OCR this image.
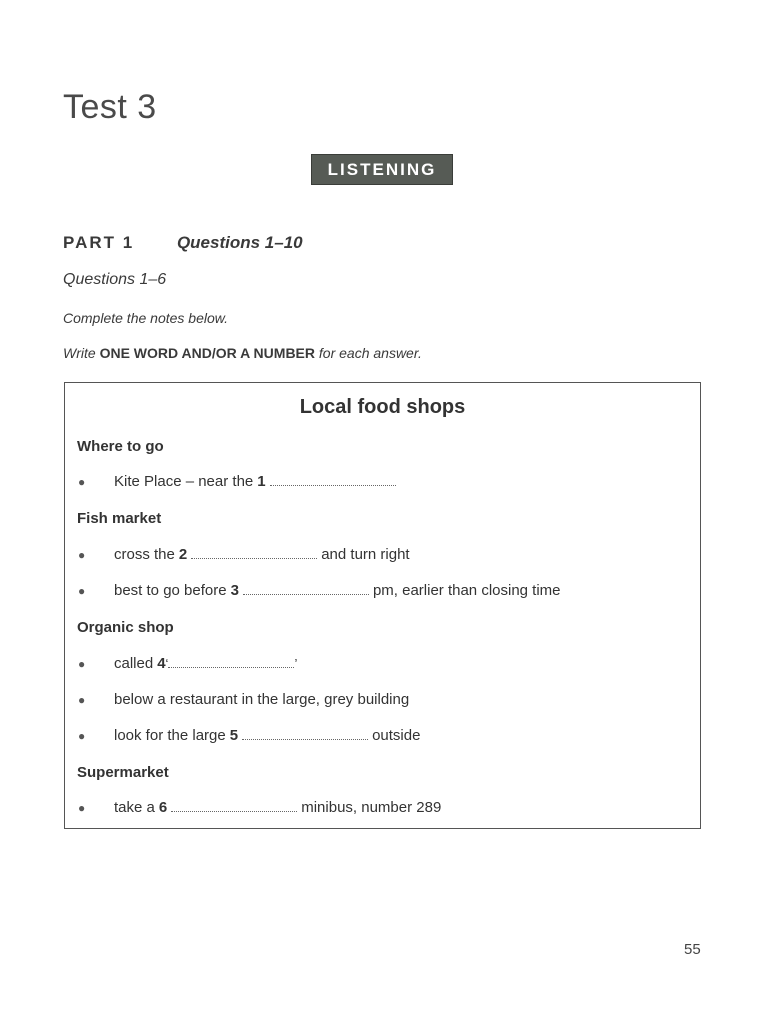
Test 3
LISTENING
PART 1	Questions 1–10
Questions 1–6
Complete the notes below.
Write ONE WORD AND/OR A NUMBER for each answer.
Local food shops
Where to go
●	Kite Place – near the 1
Fish market
●	cross the 2	and turn right
●	best to go before 3	pm, earlier than closing time
Organic shop
●	called 4 ‘	’
●	below a restaurant in the large, grey building
●	look for the large 5	outside
Supermarket
●	take a 6	minibus, number 289
55
